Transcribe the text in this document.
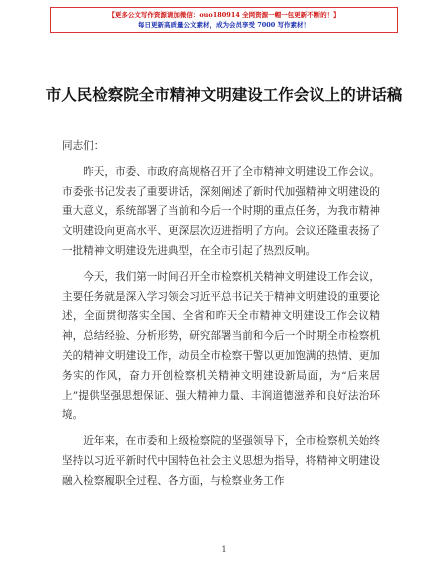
【更多公文写作资源请加微信：ouo180914 全网资源一帽一包更新不断的！】
每日更新高质量公文素材，成为会员享受 7000 写作素材！
市人民检察院全市精神文明建设工作会议上的讲话稿

同志们：

昨天，市委、市政府高规格召开了全市精神文明建设工作会议。市委张书记发表了重要讲话，深刻阐述了新时代加强精神文明建设的重大意义，系统部署了当前和今后一个时期的重点任务，为我市精神文明建设向更高水平、更深层次迈进指明了方向。会议还隆重表扬了一批精神文明建设先进典型，在全市引起了热烈反响。

今天，我们第一时间召开全市检察机关精神文明建设工作会议，主要任务就是深入学习领会习近平总书记关于精神文明建设的重要论述，全面贯彻落实全国、全省和昨天全市精神文明建设工作会议精神，总结经验、分析形势，研究部署当前和今后一个时期全市检察机关的精神文明建设工作，动员全市检察干警以更加饱满的热情、更加务实的作风，奋力开创检察机关精神文明建设新局面，为“后来居上”提供坚强思想保证、强大精神力量、丰润道德滋养和良好法治环境。

近年来，在市委和上级检察院的坚强领导下，全市检察机关始终坚持以习近平新时代中国特色社会主义思想为指导，将精神文明建设融入检察履职全过程、各方面，与检察业务工作

1
